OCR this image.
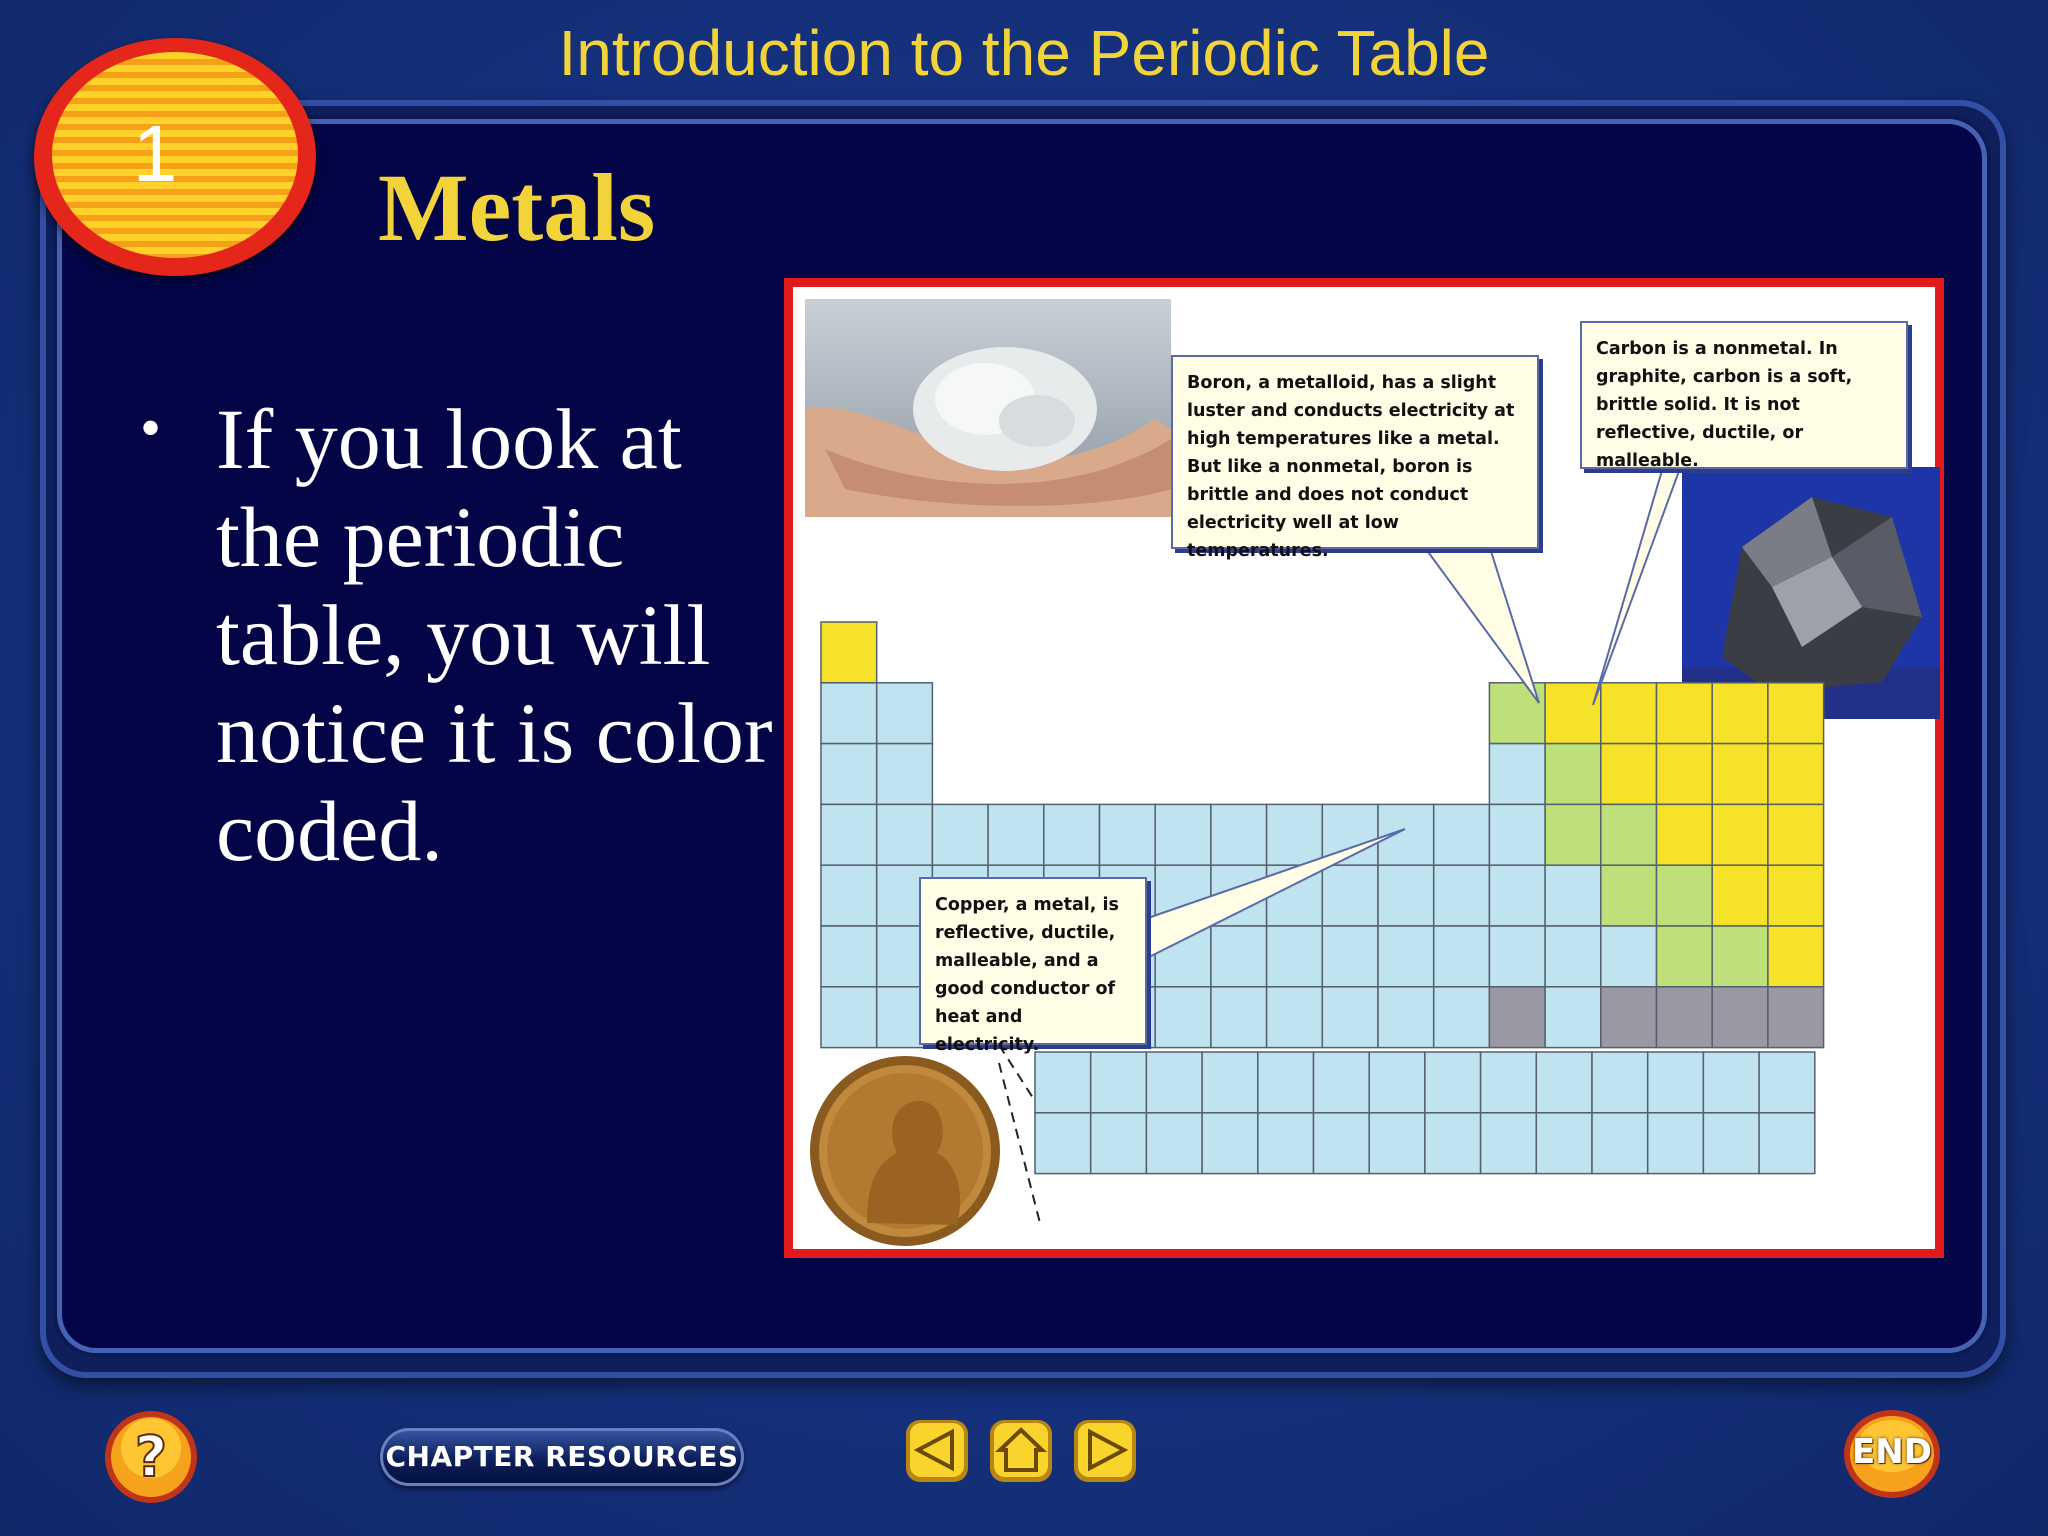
Introduction to the Periodic Table
1
Metals
• If you look at the periodic table, you will notice it is color coded.
Boron, a metalloid, has a slight luster and conducts electricity at high temperatures like a metal. But like a nonmetal, boron is brittle and does not conduct electricity well at low temperatures.
Carbon is a nonmetal. In graphite, carbon is a soft, brittle solid. It is not reflective, ductile, or malleable.
Copper, a metal, is reflective, ductile, malleable, and a good conductor of heat and electricity.
?	CHAPTER RESOURCES	END
